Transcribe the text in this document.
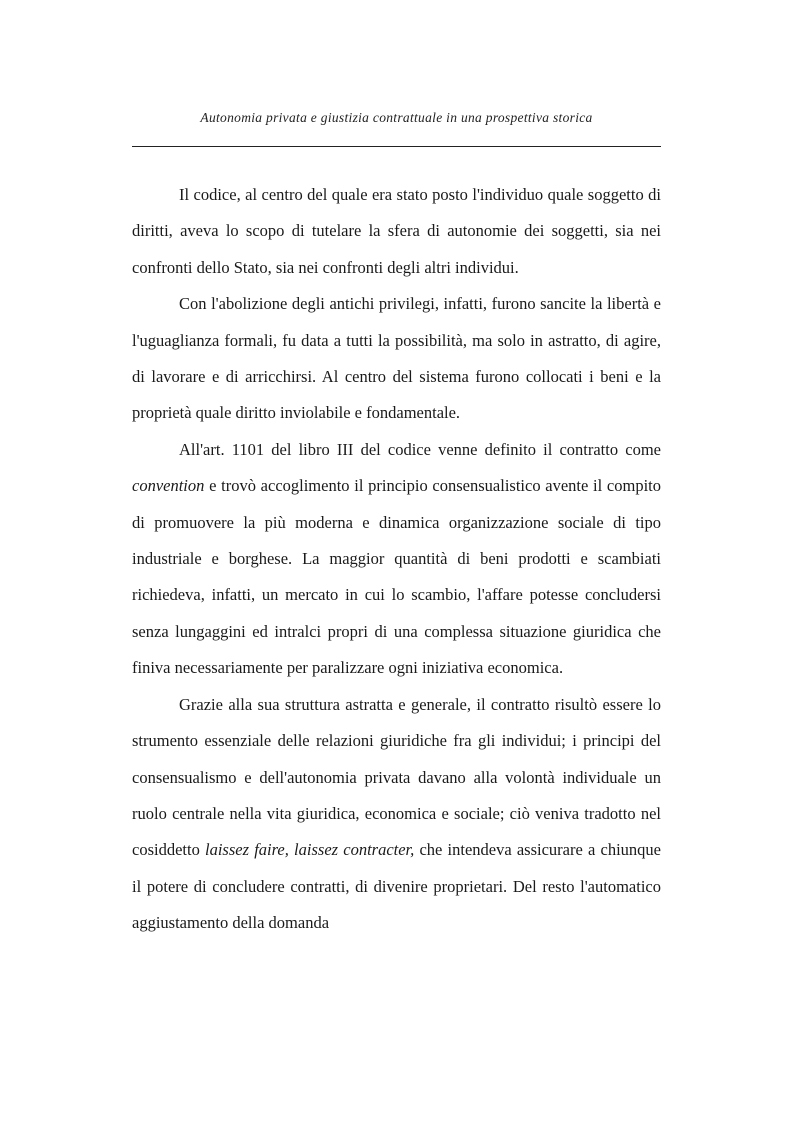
Autonomia privata e giustizia contrattuale in una prospettiva storica

Il codice, al centro del quale era stato posto l'individuo quale soggetto di diritti, aveva lo scopo di tutelare la sfera di autonomie dei soggetti, sia nei confronti dello Stato, sia nei confronti degli altri individui.

Con l'abolizione degli antichi privilegi, infatti, furono sancite la libertà e l'uguaglianza formali, fu data a tutti la possibilità, ma solo in astratto, di agire, di lavorare e di arricchirsi. Al centro del sistema furono collocati i beni e la proprietà quale diritto inviolabile e fondamentale.

All'art. 1101 del libro III del codice venne definito il contratto come convention e trovò accoglimento il principio consensualistico avente il compito di promuovere la più moderna e dinamica organizzazione sociale di tipo industriale e borghese. La maggior quantità di beni prodotti e scambiati richiedeva, infatti, un mercato in cui lo scambio, l'affare potesse concludersi senza lungaggini ed intralci propri di una complessa situazione giuridica che finiva necessariamente per paralizzare ogni iniziativa economica.

Grazie alla sua struttura astratta e generale, il contratto risultò essere lo strumento essenziale delle relazioni giuridiche fra gli individui; i principi del consensualismo e dell'autonomia privata davano alla volontà individuale un ruolo centrale nella vita giuridica, economica e sociale; ciò veniva tradotto nel cosiddetto laissez faire, laissez contracter, che intendeva assicurare a chiunque il potere di concludere contratti, di divenire proprietari. Del resto l'automatico aggiustamento della domanda
